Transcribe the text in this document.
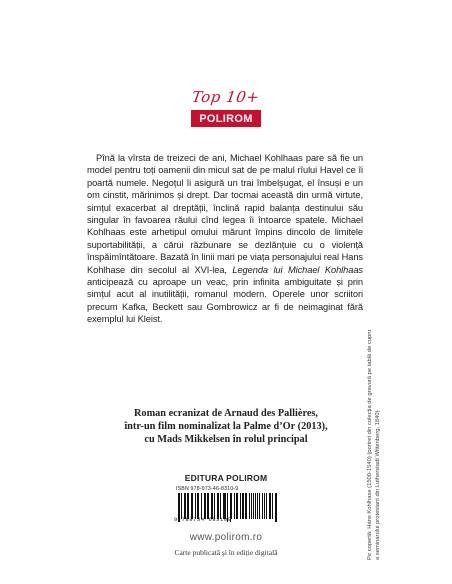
Top 10+
POLIROM

Pînă la vîrsta de treizeci de ani, Michael Kohlhaas pare să fie un model pentru toți oamenii din micul sat de pe malul rîului Havel ce îi poartă numele. Negoțul îi asigură un trai îmbelșugat, el însuși e un om cinstit, mărinimos și drept. Dar tocmai această din urmă virtute, simțul exacerbat al dreptății, înclină rapid balanța destinului său singular în favoarea răului cînd legea îi întoarce spatele. Michael Kohlhaas este arhetipul omului mărunt împins dincolo de limitele suportabilității, a cărui răzbunare se dezlănțuie cu o violență înspăimîntătoare. Bazată în linii mari pe viața personajului real Hans Kohlhase din secolul al XVI-lea, Legenda lui Michael Kohlhaas anticipează cu aproape un veac, prin infinita ambiguitate și prin simțul acut al inutilității, romanul modern. Operele unor scriitori precum Kafka, Beckett sau Gombrowicz ar fi de neimaginat fără exemplul lui Kleist.

Roman ecranizat de Arnaud des Pallières,
într-un film nominalizat la Palme d’Or (2013),
cu Mads Mikkelsen în rolul principal

EDITURA POLIROM
ISBN 978-973-46-8310-9
9 789734 683109
www.polirom.ro
Carte publicată și în ediție digitală	Pe copertă: Hans Kohlhase (1500-1540) (portret din colecția de gravură pe tablă de cupru a seminarului protestant din Lutherstadt Wittenberg, 1840)
